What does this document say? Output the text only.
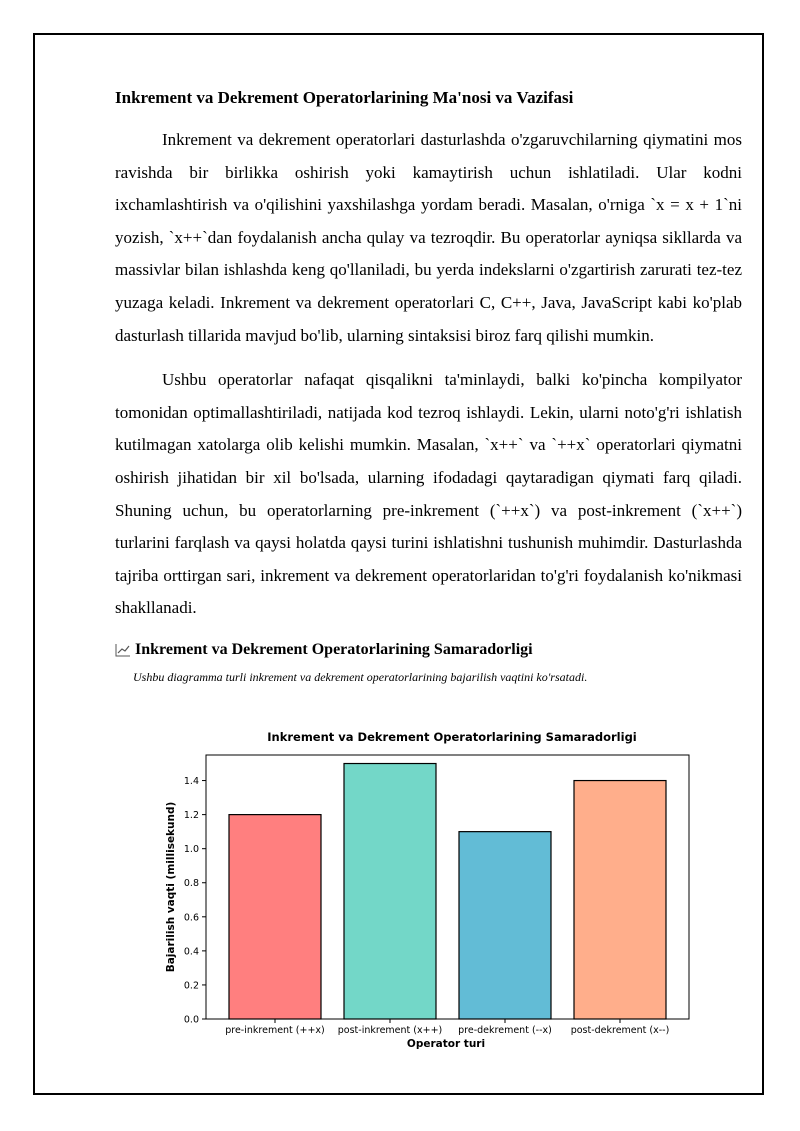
Inkrement va Dekrement Operatorlarining Ma'nosi va Vazifasi

Inkrement va dekrement operatorlari dasturlashda o'zgaruvchilarning qiymatini mos ravishda bir birlikka oshirish yoki kamaytirish uchun ishlatiladi. Ular kodni ixchamlashtirish va o'qilishini yaxshilashga yordam beradi. Masalan, o'rniga `x = x + 1`ni yozish, `x++`dan foydalanish ancha qulay va tezroqdir. Bu operatorlar ayniqsa sikllarda va massivlar bilan ishlashda keng qo'llaniladi, bu yerda indekslarni o'zgartirish zarurati tez-tez yuzaga keladi. Inkrement va dekrement operatorlari C, C++, Java, JavaScript kabi ko'plab dasturlash tillarida mavjud bo'lib, ularning sintaksisi biroz farq qilishi mumkin.

Ushbu operatorlar nafaqat qisqalikni ta'minlaydi, balki ko'pincha kompilyator tomonidan optimallashtiriladi, natijada kod tezroq ishlaydi. Lekin, ularni noto'g'ri ishlatish kutilmagan xatolarga olib kelishi mumkin. Masalan, `x++` va `++x` operatorlari qiymatni oshirish jihatidan bir xil bo'lsada, ularning ifodadagi qaytaradigan qiymati farq qiladi. Shuning uchun, bu operatorlarning pre-inkrement (`++x`) va post-inkrement (`x++`) turlarini farqlash va qaysi holatda qaysi turini ishlatishni tushunish muhimdir. Dasturlashda tajriba orttirgan sari, inkrement va dekrement operatorlaridan to'g'ri foydalanish ko'nikmasi shakllanadi.

Inkrement va Dekrement Operatorlarining Samaradorligi
Ushbu diagrammа turli inkrement va dekrement operatorlarining bajarilish vaqtini ko'rsatadi.
Inkrement va Dekrement Operatorlarining Samaradorligi
Bajarilish vaqti (millisekund)
Operator turi
0.0
0.2
0.4
0.6
0.8
1.0
1.2
1.4
pre-inkrement (++x) post-inkrement (x++) pre-dekrement (--x) post-dekrement (x--)
